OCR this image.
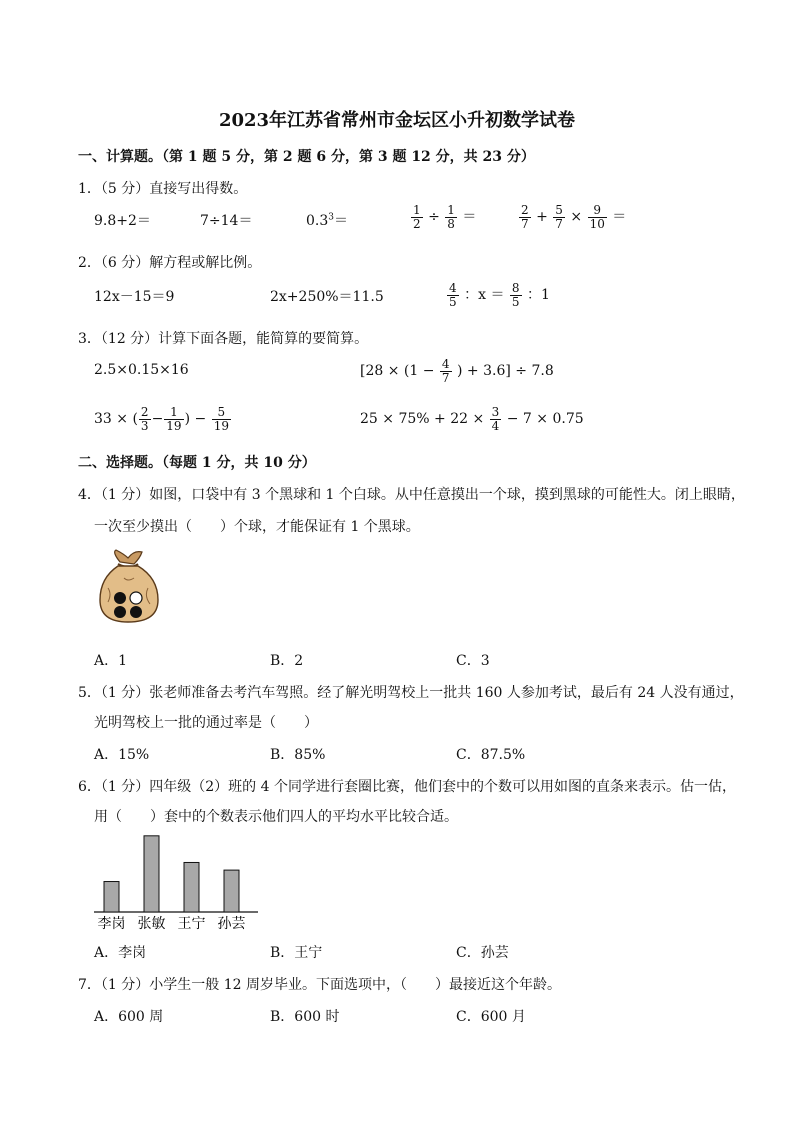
2023年江苏省常州市金坛区小升初数学试卷
一、计算题。（第 1 题 5 分，第 2 题 6 分，第 3 题 12 分，共 23 分）
1．（5 分）直接写出得数。
9.8+2＝	7÷14＝	$0.3^3=$	$\frac{1}{2} \div \frac{1}{8}$ ＝	$\frac{2}{7} + \frac{5}{7} \times \frac{9}{10}$ ＝
2．（6 分）解方程或解比例。
12x－15＝9	2x+250%＝11.5	$\frac{4}{5}$ ：$x = \frac{8}{5}$ ：1
3．（12 分）计算下面各题，能简算的要简算。
2.5×0.15×16	[$28 \times (1 - \frac{4}{7}$ ) + 3.6] ÷ 7.8
33 × ( $\frac{2}{3} - \frac{1}{19}$ ) − $\frac{5}{19}$	$25 \times 75\% + 22 \times \frac{3}{4} - 7 \times 0.75$
二、选择题。（每题 1 分，共 10 分）
4．（1 分）如图，口袋中有 3 个黑球和 1 个白球。从中任意摸出一个球，摸到黑球的可能性大。闭上眼睛，
一次至少摸出（　　）个球，才能保证有 1 个黑球。
A．1	B．2	C．3
5．（1 分）张老师准备去考汽车驾照。经了解光明驾校上一批共 160 人参加考试，最后有 24 人没有通过，
光明驾校上一批的通过率是（　　）
A．15%	B．85%	C．87.5%
6．（1 分）四年级（2）班的 4 个同学进行套圈比赛，他们套中的个数可以用如图的直条来表示。估一估，
用（　　）套中的个数表示他们四人的平均水平比较合适。
李岗 张敏 王宁 孙芸
A．李岗	B．王宁	C．孙芸
7．（1 分）小学生一般 12 周岁毕业。下面选项中，（　　）最接近这个年龄。
A．600 周	B．600 时	C．600 月
